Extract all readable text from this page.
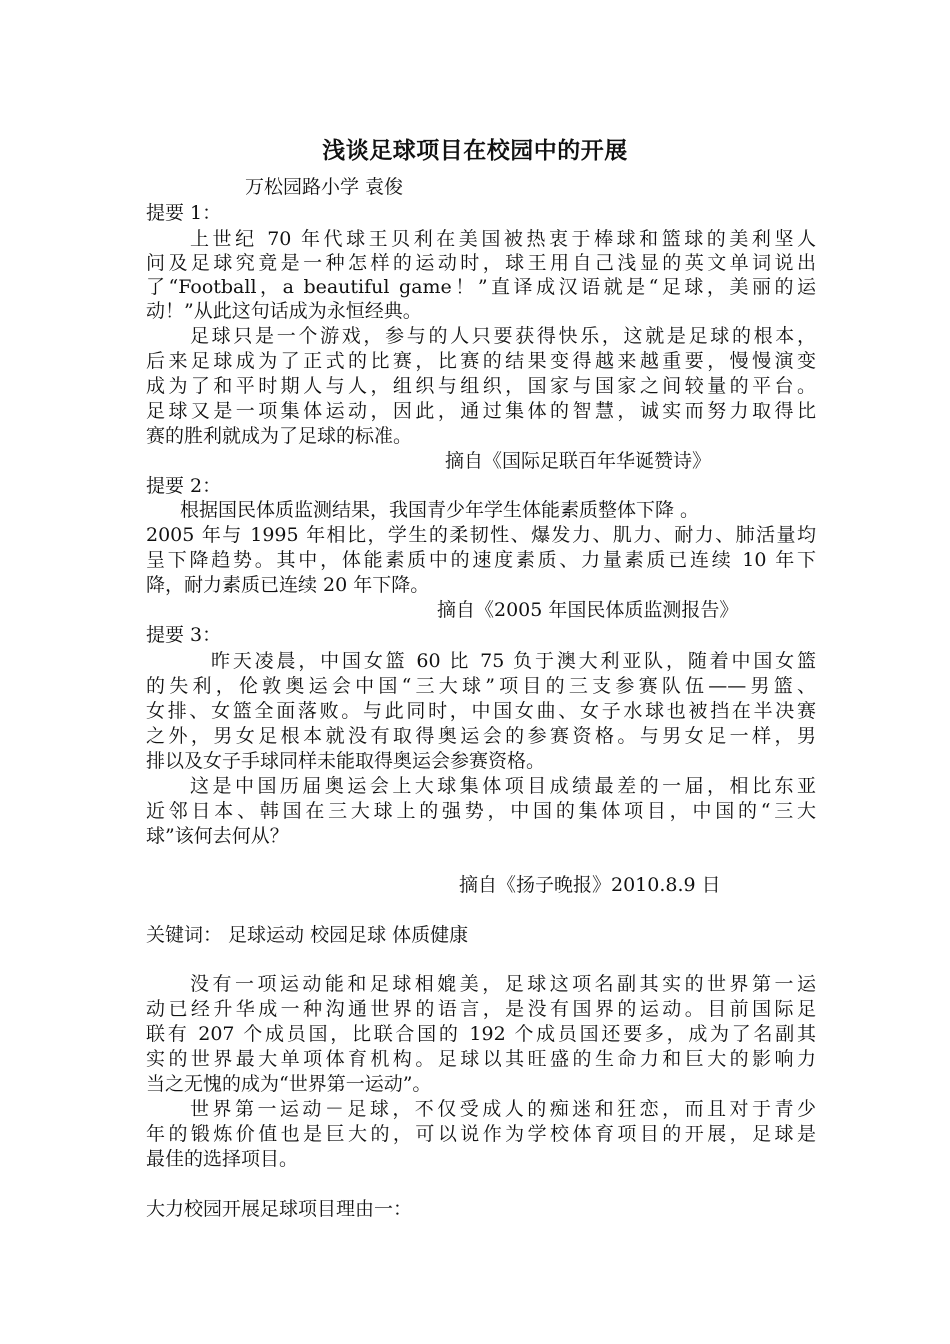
浅谈足球项目在校园中的开展
万松园路小学 袁俊
提要 1：
上世纪 70 年代球王贝利在美国被热衷于棒球和篮球的美利坚人
问及足球究竟是一种怎样的运动时，球王用自己浅显的英文单词说出
了“Football，a beautiful game！”直译成汉语就是“足球，美丽的运
动！”从此这句话成为永恒经典。
足球只是一个游戏，参与的人只要获得快乐，这就是足球的根本，
后来足球成为了正式的比赛，比赛的结果变得越来越重要，慢慢演变
成为了和平时期人与人，组织与组织，国家与国家之间较量的平台。
足球又是一项集体运动，因此，通过集体的智慧，诚实而努力取得比
赛的胜利就成为了足球的标准。
摘自《国际足联百年华诞赞诗》
提要 2：
根据国民体质监测结果，我国青少年学生体能素质整体下降 。
2005 年与 1995 年相比，学生的柔韧性、爆发力、肌力、耐力、肺活量均
呈下降趋势。其中，体能素质中的速度素质、力量素质已连续 10 年下
降，耐力素质已连续 20 年下降。
摘自《2005 年国民体质监测报告》
提要 3：
昨天凌晨，中国女篮 60 比 75 负于澳大利亚队，随着中国女篮
的失利，伦敦奥运会中国“三大球”项目的三支参赛队伍——男篮、
女排、女篮全面落败。与此同时，中国女曲、女子水球也被挡在半决赛
之外，男女足根本就没有取得奥运会的参赛资格。与男女足一样，男
排以及女子手球同样未能取得奥运会参赛资格。
这是中国历届奥运会上大球集体项目成绩最差的一届，相比东亚
近邻日本、韩国在三大球上的强势，中国的集体项目，中国的“三大
球”该何去何从？
摘自《扬子晚报》2010.8.9 日
关键词： 足球运动 校园足球 体质健康
没有一项运动能和足球相媲美，足球这项名副其实的世界第一运
动已经升华成一种沟通世界的语言，是没有国界的运动。目前国际足
联有 207 个成员国，比联合国的 192 个成员国还要多，成为了名副其
实的世界最大单项体育机构。足球以其旺盛的生命力和巨大的影响力
当之无愧的成为“世界第一运动”。
世界第一运动－足球，不仅受成人的痴迷和狂恋，而且对于青少
年的锻炼价值也是巨大的，可以说作为学校体育项目的开展，足球是
最佳的选择项目。
大力校园开展足球项目理由一：
